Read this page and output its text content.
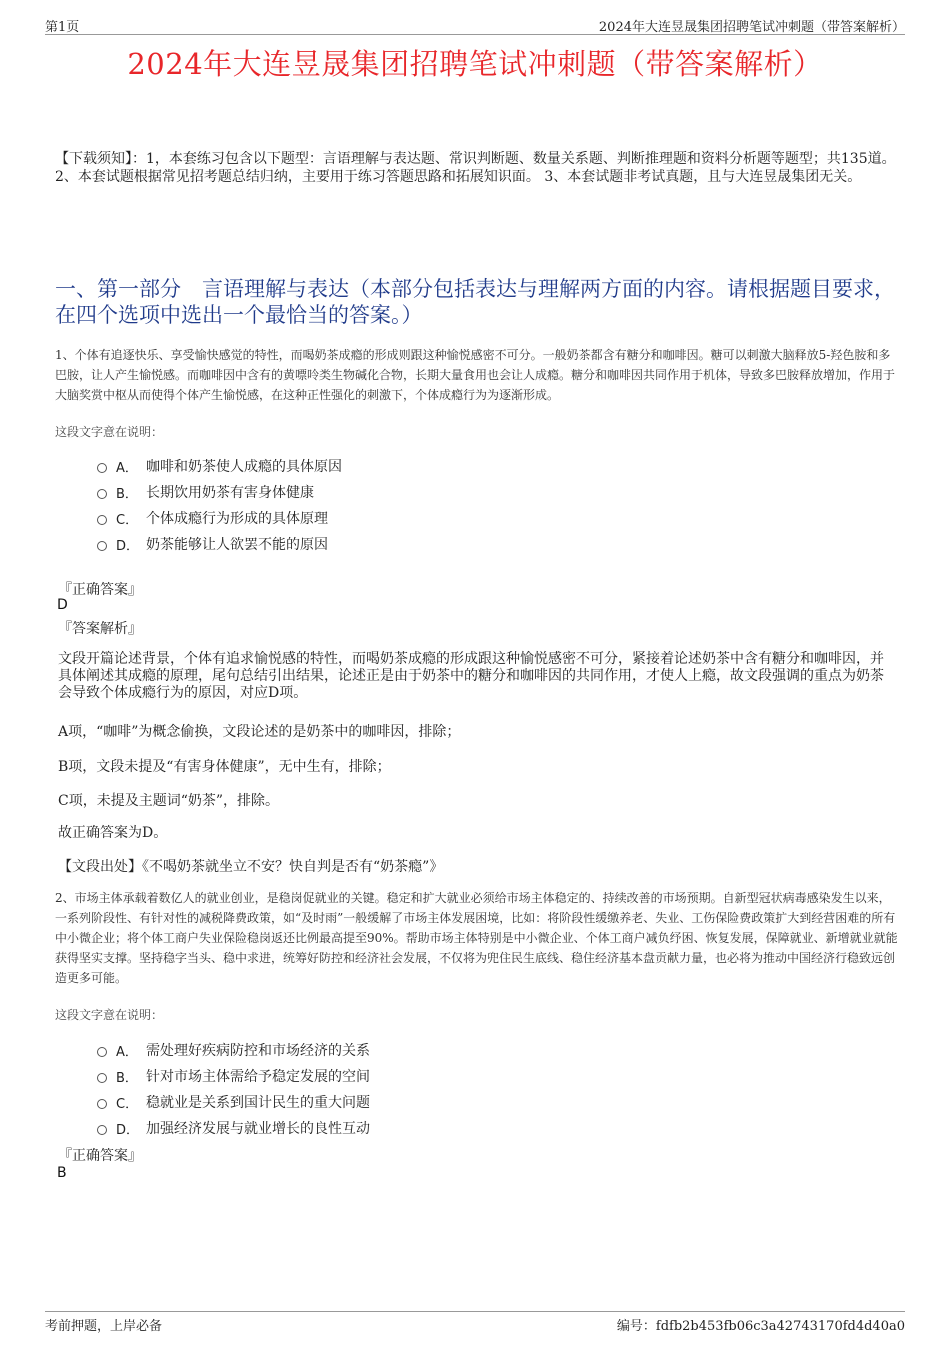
第1页	2024年大连昱晟集团招聘笔试冲刺题（带答案解析）
2024年大连昱晟集团招聘笔试冲刺题（带答案解析）
【下载须知】：1，本套练习包含以下题型：言语理解与表达题、常识判断题、数量关系题、判断推理题和资料分析题等题型；共135道。 2、本套试题根据常见招考题总结归纳，主要用于练习答题思路和拓展知识面。 3、本套试题非考试真题，且与大连昱晟集团无关。
一、第一部分　言语理解与表达（本部分包括表达与理解两方面的内容。请根据题目要求，在四个选项中选出一个最恰当的答案。）
1、个体有追逐快乐、享受愉快感觉的特性，而喝奶茶成瘾的形成则跟这种愉悦感密不可分。一般奶茶都含有糖分和咖啡因。糖可以刺激大脑释放5-羟色胺和多巴胺，让人产生愉悦感。而咖啡因中含有的黄嘌呤类生物碱化合物，长期大量食用也会让人成瘾。糖分和咖啡因共同作用于机体，导致多巴胺释放增加，作用于大脑奖赏中枢从而使得个体产生愉悦感，在这种正性强化的刺激下，个体成瘾行为为逐渐形成。
这段文字意在说明：
A． 咖啡和奶茶使人成瘾的具体原因
B． 长期饮用奶茶有害身体健康
C． 个体成瘾行为形成的具体原理
D． 奶茶能够让人欲罢不能的原因
『正确答案』
D
『答案解析』
文段开篇论述背景，个体有追求愉悦感的特性，而喝奶茶成瘾的形成跟这种愉悦感密不可分，紧接着论述奶茶中含有糖分和咖啡因，并具体阐述其成瘾的原理，尾句总结引出结果，论述正是由于奶茶中的糖分和咖啡因的共同作用，才使人上瘾，故文段强调的重点为奶茶会导致个体成瘾行为的原因，对应D项。
A项，“咖啡”为概念偷换，文段论述的是奶茶中的咖啡因，排除；
B项，文段未提及“有害身体健康”，无中生有，排除；
C项，未提及主题词“奶茶”，排除。
故正确答案为D。
【文段出处】《不喝奶茶就坐立不安？快自判是否有“奶茶瘾”》
2、市场主体承载着数亿人的就业创业，是稳岗促就业的关键。稳定和扩大就业必须给市场主体稳定的、持续改善的市场预期。自新型冠状病毒感染发生以来，一系列阶段性、有针对性的减税降费政策，如“及时雨”一般缓解了市场主体发展困境，比如：将阶段性缓缴养老、失业、工伤保险费政策扩大到经营困难的所有中小微企业；将个体工商户失业保险稳岗返还比例最高提至90%。帮助市场主体特别是中小微企业、个体工商户减负纾困、恢复发展，保障就业、新增就业就能获得坚实支撑。坚持稳字当头、稳中求进，统筹好防控和经济社会发展，不仅将为兜住民生底线、稳住经济基本盘贡献力量，也必将为推动中国经济行稳致远创造更多可能。
这段文字意在说明：
A． 需处理好疾病防控和市场经济的关系
B． 针对市场主体需给予稳定发展的空间
C． 稳就业是关系到国计民生的重大问题
D． 加强经济发展与就业增长的良性互动
『正确答案』
B
考前押题，上岸必备	编号：fdfb2b453fb06c3a42743170fd4d40a0
